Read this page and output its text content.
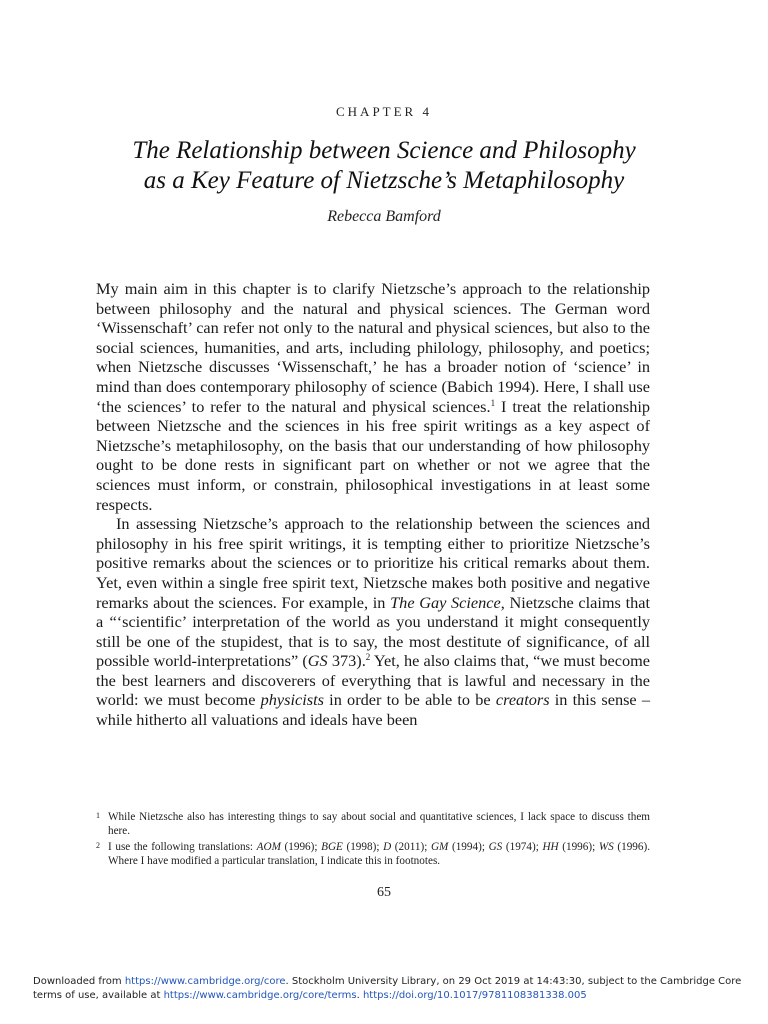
CHAPTER 4
The Relationship between Science and Philosophy
as a Key Feature of Nietzsche’s Metaphilosophy
Rebecca Bamford

My main aim in this chapter is to clarify Nietzsche’s approach to the relationship between philosophy and the natural and physical sciences. The German word ‘Wissenschaft’ can refer not only to the natural and physical sciences, but also to the social sciences, humanities, and arts, including philology, philosophy, and poetics; when Nietzsche discusses ‘Wissenschaft,’ he has a broader notion of ‘science’ in mind than does contemporary philosophy of science (Babich 1994). Here, I shall use ‘the sciences’ to refer to the natural and physical sciences.$^1$ I treat the relationship between Nietzsche and the sciences in his free spirit writings as a key aspect of Nietzsche’s metaphilosophy, on the basis that our understanding of how philosophy ought to be done rests in significant part on whether or not we agree that the sciences must inform, or constrain, philosophical investigations in at least some respects.

In assessing Nietzsche’s approach to the relationship between the sciences and philosophy in his free spirit writings, it is tempting either to prioritize Nietzsche’s positive remarks about the sciences or to prioritize his critical remarks about them. Yet, even within a single free spirit text, Nietzsche makes both positive and negative remarks about the sciences. For example, in The Gay Science, Nietzsche claims that a “‘scientific’ interpretation of the world as you understand it might consequently still be one of the stupidest, that is to say, the most destitute of significance, of all possible world-interpretations” (GS 373).$^2$ Yet, he also claims that, “we must become the best learners and discoverers of everything that is lawful and necessary in the world: we must become physicists in order to be able to be creators in this sense – while hitherto all valuations and ideals have been

1 While Nietzsche also has interesting things to say about social and quantitative sciences, I lack space to discuss them here.
2 I use the following translations: AOM (1996); BGE (1998); D (2011); GM (1994); GS (1974); HH (1996); WS (1996). Where I have modified a particular translation, I indicate this in footnotes.
65
Downloaded from https://www.cambridge.org/core. Stockholm University Library, on 29 Oct 2019 at 14:43:30, subject to the Cambridge Core
terms of use, available at https://www.cambridge.org/core/terms. https://doi.org/10.1017/9781108381338.005
